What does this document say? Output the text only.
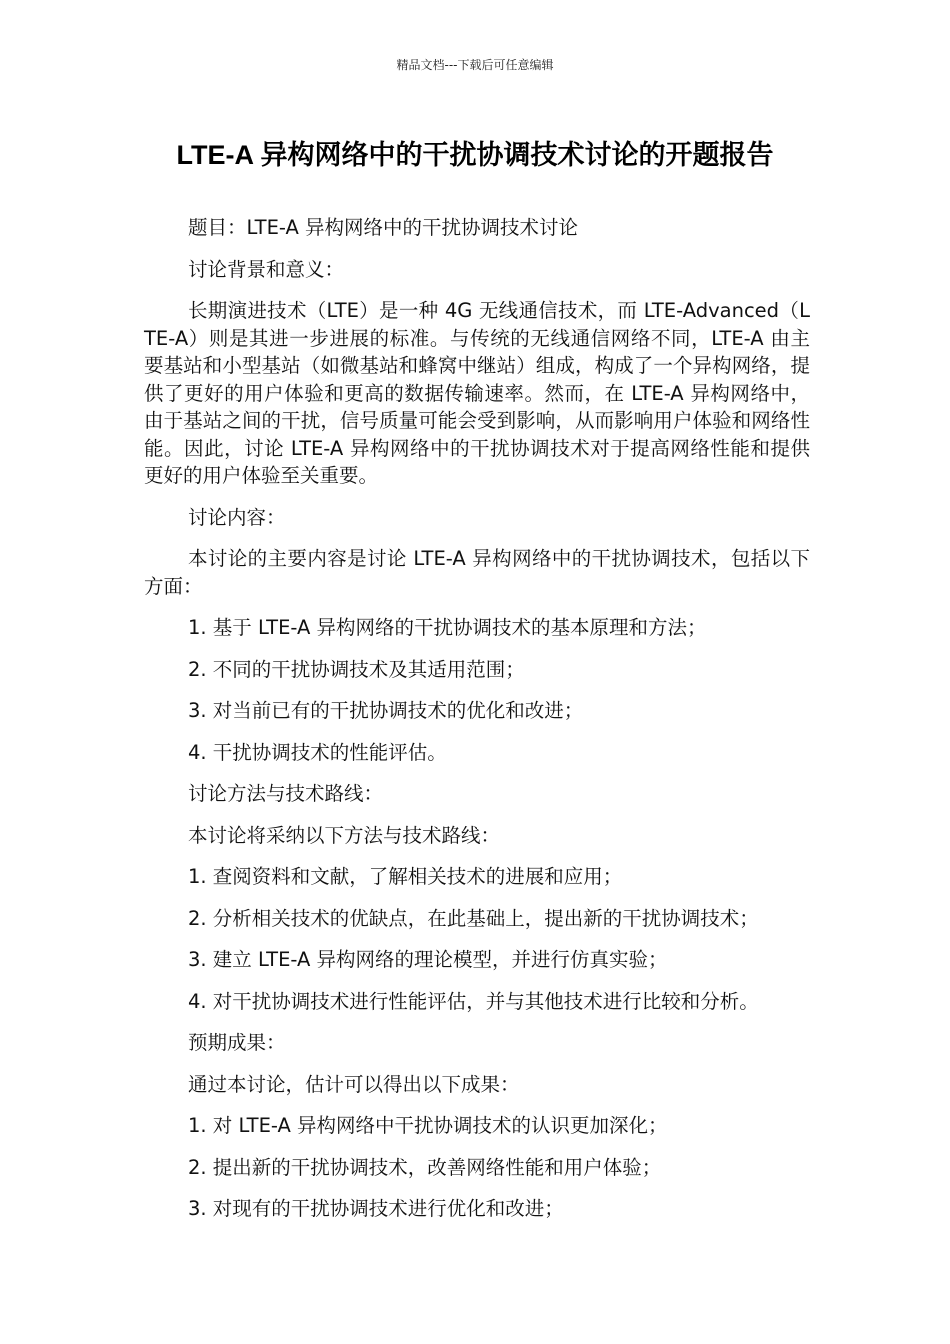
精品文档---下载后可任意编辑
LTE-A 异构网络中的干扰协调技术讨论的开题报告

题目：LTE-A 异构网络中的干扰协调技术讨论

讨论背景和意义：

长期演进技术（LTE）是一种 4G 无线通信技术，而 LTE-Advanced（LTE-A）则是其进一步进展的标准。与传统的无线通信网络不同，LTE-A 由主要基站和小型基站（如微基站和蜂窝中继站）组成，构成了一个异构网络，提供了更好的用户体验和更高的数据传输速率。然而，在 LTE-A 异构网络中，由于基站之间的干扰，信号质量可能会受到影响，从而影响用户体验和网络性能。因此，讨论 LTE-A 异构网络中的干扰协调技术对于提高网络性能和提供更好的用户体验至关重要。

讨论内容：

本讨论的主要内容是讨论 LTE-A 异构网络中的干扰协调技术，包括以下方面：

1. 基于 LTE-A 异构网络的干扰协调技术的基本原理和方法；

2. 不同的干扰协调技术及其适用范围；

3. 对当前已有的干扰协调技术的优化和改进；

4. 干扰协调技术的性能评估。

讨论方法与技术路线：

本讨论将采纳以下方法与技术路线：

1. 查阅资料和文献，了解相关技术的进展和应用；

2. 分析相关技术的优缺点，在此基础上，提出新的干扰协调技术；

3. 建立 LTE-A 异构网络的理论模型，并进行仿真实验；

4. 对干扰协调技术进行性能评估，并与其他技术进行比较和分析。

预期成果：

通过本讨论，估计可以得出以下成果：

1. 对 LTE-A 异构网络中干扰协调技术的认识更加深化；

2. 提出新的干扰协调技术，改善网络性能和用户体验；

3. 对现有的干扰协调技术进行优化和改进；
